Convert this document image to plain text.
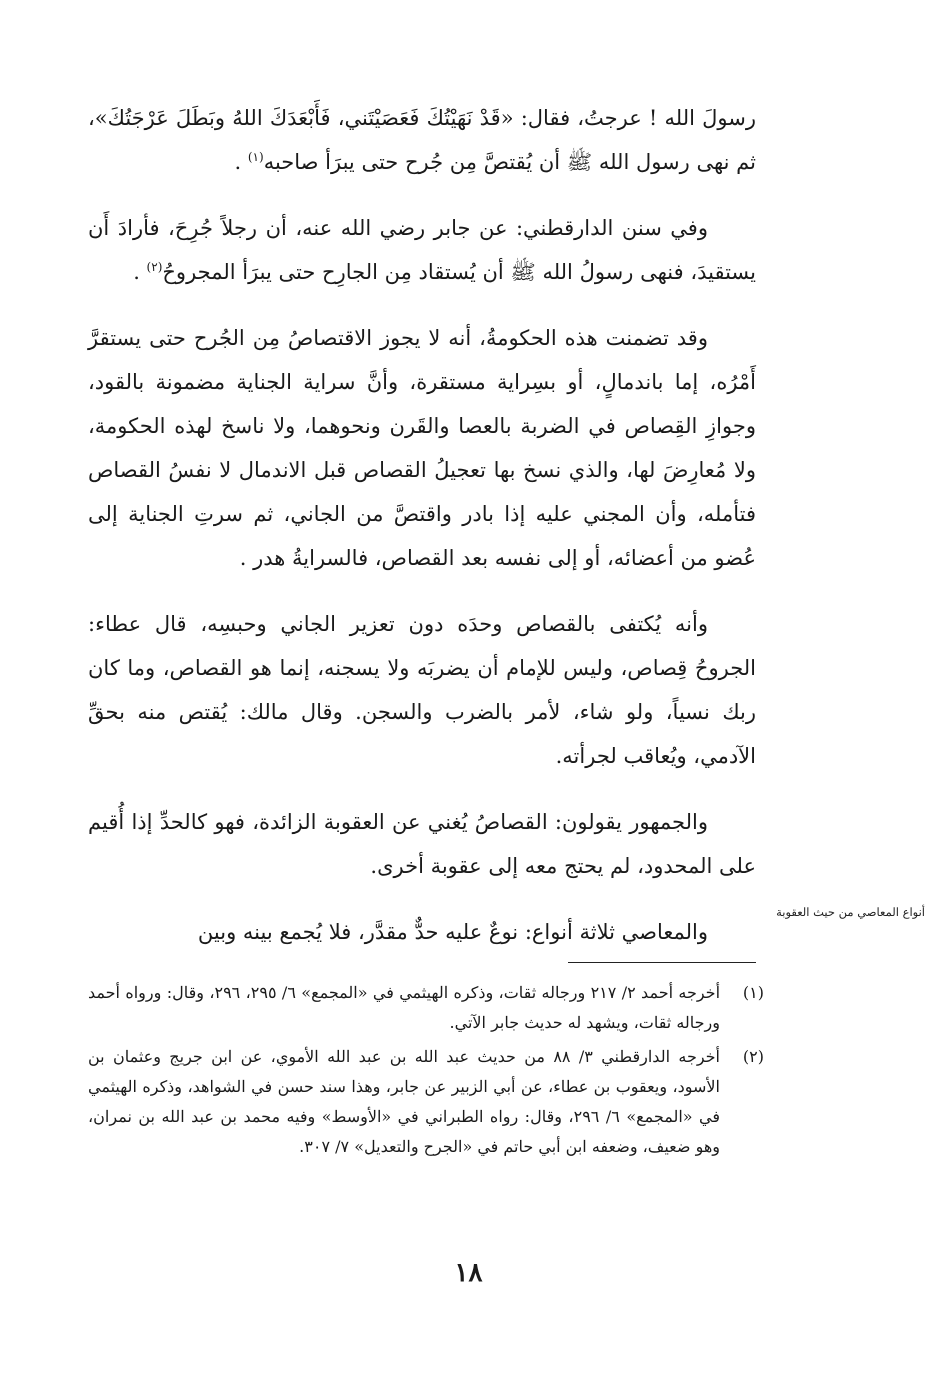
رسولَ الله ! عرجتُ، فقال: «قَدْ نَهَيْتُكَ فَعَصَيْتَني، فَأَبْعَدَكَ اللهُ وبَطَلَ عَرْجَتُكَ»، ثم نهى رسول الله ﷺ أن يُقتصَّ مِن جُرح حتى يبرَأ صاحبه$^{(١)}$ .

وفي سنن الدارقطني: عن جابر رضي الله عنه، أن رجلاً جُرِحَ، فأرادَ أَن يستقيدَ، فنهى رسولُ الله ﷺ أن يُستقاد مِن الجارِح حتى يبرَأ المجروحُ$^{(٢)}$ .

وقد تضمنت هذه الحكومةُ، أنه لا يجوز الاقتصاصُ مِن الجُرح حتى يستقرَّ أَمْرُه، إما باندمالٍ، أو بسِراية مستقرة، وأنَّ سراية الجناية مضمونة بالقود، وجوازِ القِصاص في الضربة بالعصا والقَرن ونحوهما، ولا ناسخ لهذه الحكومة، ولا مُعارِضَ لها، والذي نسخ بها تعجيلُ القصاص قبل الاندمال لا نفسُ القصاص فتأمله، وأن المجني عليه إذا بادر واقتصَّ من الجاني، ثم سرتِ الجناية إلى عُضو من أعضائه، أو إلى نفسه بعد القصاص، فالسرايةُ هدر .

وأنه يُكتفى بالقصاص وحدَه دون تعزير الجاني وحبسِه، قال عطاء: الجروحُ قِصاص، وليس للإمام أن يضربَه ولا يسجنه، إنما هو القصاص، وما كان ربك نسياً، ولو شاء، لأمر بالضرب والسجن. وقال مالك: يُقتص منه بحقِّ الآدمي، ويُعاقب لجرأته.

والجمهور يقولون: القصاصُ يُغني عن العقوبة الزائدة، فهو كالحدِّ إذا أُقيم على المحدود، لم يحتج معه إلى عقوبة أخرى.

والمعاصي ثلاثة أنواع: نوعٌ عليه حدٌّ مقدَّر، فلا يُجمع بينه وبين

أنواع المعاصي من حيث العقوبة
(١)
أخرجه أحمد ٢/ ٢١٧ ورجاله ثقات، وذكره الهيثمي في «المجمع» ٦/ ٢٩٥، ٢٩٦، وقال: ورواه أحمد ورجاله ثقات، ويشهد له حديث جابر الآتي.
(٢)
أخرجه الدارقطني ٣/ ٨٨ من حديث عبد الله بن عبد الله الأموي، عن ابن جريج وعثمان بن الأسود، ويعقوب بن عطاء، عن أبي الزبير عن جابر، وهذا سند حسن في الشواهد، وذكره الهيثمي في «المجمع» ٦/ ٢٩٦، وقال: رواه الطبراني في «الأوسط» وفيه محمد بن عبد الله بن نمران، وهو ضعيف، وضعفه ابن أبي حاتم في «الجرح والتعديل» ٧/ ٣٠٧.
١٨
